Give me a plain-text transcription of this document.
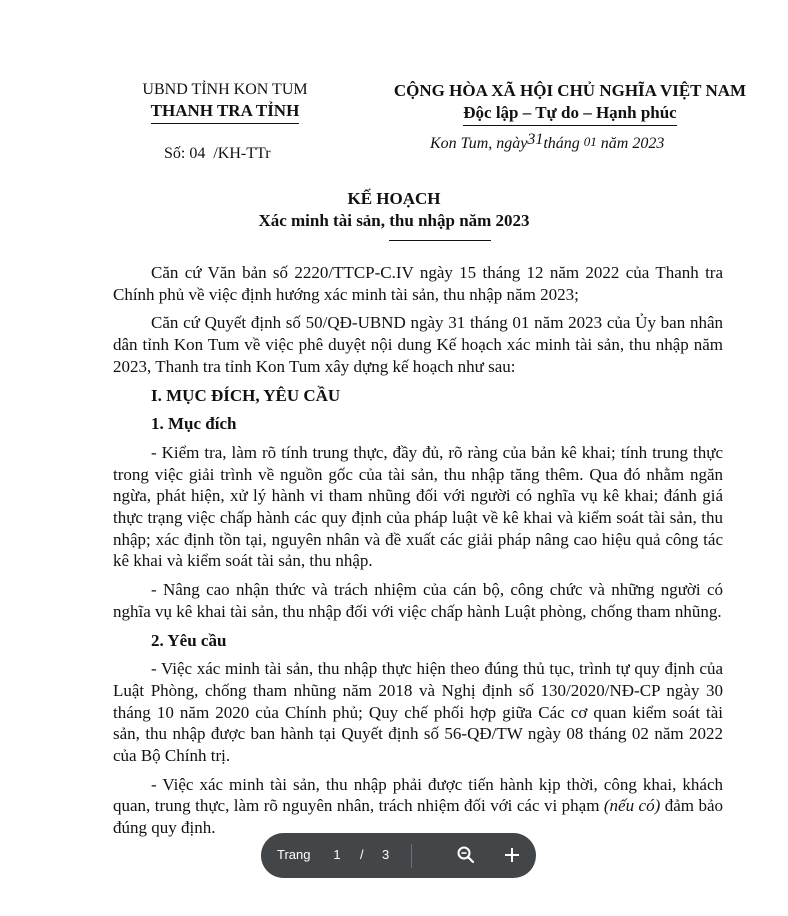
UBND TỈNH KON TUM
THANH TRA TỈNH
CỘNG HÒA XÃ HỘI CHỦ NGHĨA VIỆT NAM
Độc lập – Tự do – Hạnh phúc
Số: 04  /KH-TTr
Kon Tum, ngày31tháng 01 năm 2023
KẾ HOẠCH
Xác minh tài sản, thu nhập năm 2023

Căn cứ Văn bản số 2220/TTCP-C.IV ngày 15 tháng 12 năm 2022 của Thanh tra Chính phủ về việc định hướng xác minh tài sản, thu nhập năm 2023;

Căn cứ Quyết định số 50/QĐ-UBND ngày 31 tháng 01 năm 2023 của Ủy ban nhân dân tỉnh Kon Tum về việc phê duyệt nội dung Kế hoạch xác minh tài sản, thu nhập năm 2023, Thanh tra tỉnh Kon Tum xây dựng kế hoạch như sau:

I. MỤC ĐÍCH, YÊU CẦU
1. Mục đích

- Kiểm tra, làm rõ tính trung thực, đầy đủ, rõ ràng của bản kê khai; tính trung thực trong việc giải trình về nguồn gốc của tài sản, thu nhập tăng thêm. Qua đó nhằm ngăn ngừa, phát hiện, xử lý hành vi tham nhũng đối với người có nghĩa vụ kê khai; đánh giá thực trạng việc chấp hành các quy định của pháp luật về kê khai và kiểm soát tài sản, thu nhập; xác định tồn tại, nguyên nhân và đề xuất các giải pháp nâng cao hiệu quả công tác kê khai và kiểm soát tài sản, thu nhập.

- Nâng cao nhận thức và trách nhiệm của cán bộ, công chức và những người có nghĩa vụ kê khai tài sản, thu nhập đối với việc chấp hành Luật phòng, chống tham nhũng.

2. Yêu cầu

- Việc xác minh tài sản, thu nhập thực hiện theo đúng thủ tục, trình tự quy định của Luật Phòng, chống tham nhũng năm 2018 và Nghị định số 130/2020/NĐ-CP ngày 30 tháng 10 năm 2020 của Chính phủ; Quy chế phối hợp giữa Các cơ quan kiểm soát tài sản, thu nhập được ban hành tại Quyết định số 56-QĐ/TW ngày 08 tháng 02 năm 2022 của Bộ Chính trị.

- Việc xác minh tài sản, thu nhập phải được tiến hành kịp thời, công khai, khách quan, trung thực, làm rõ nguyên nhân, trách nhiệm đối với các vi phạm (nếu có) đảm bảo đúng quy định.

Trang 1 / 3
